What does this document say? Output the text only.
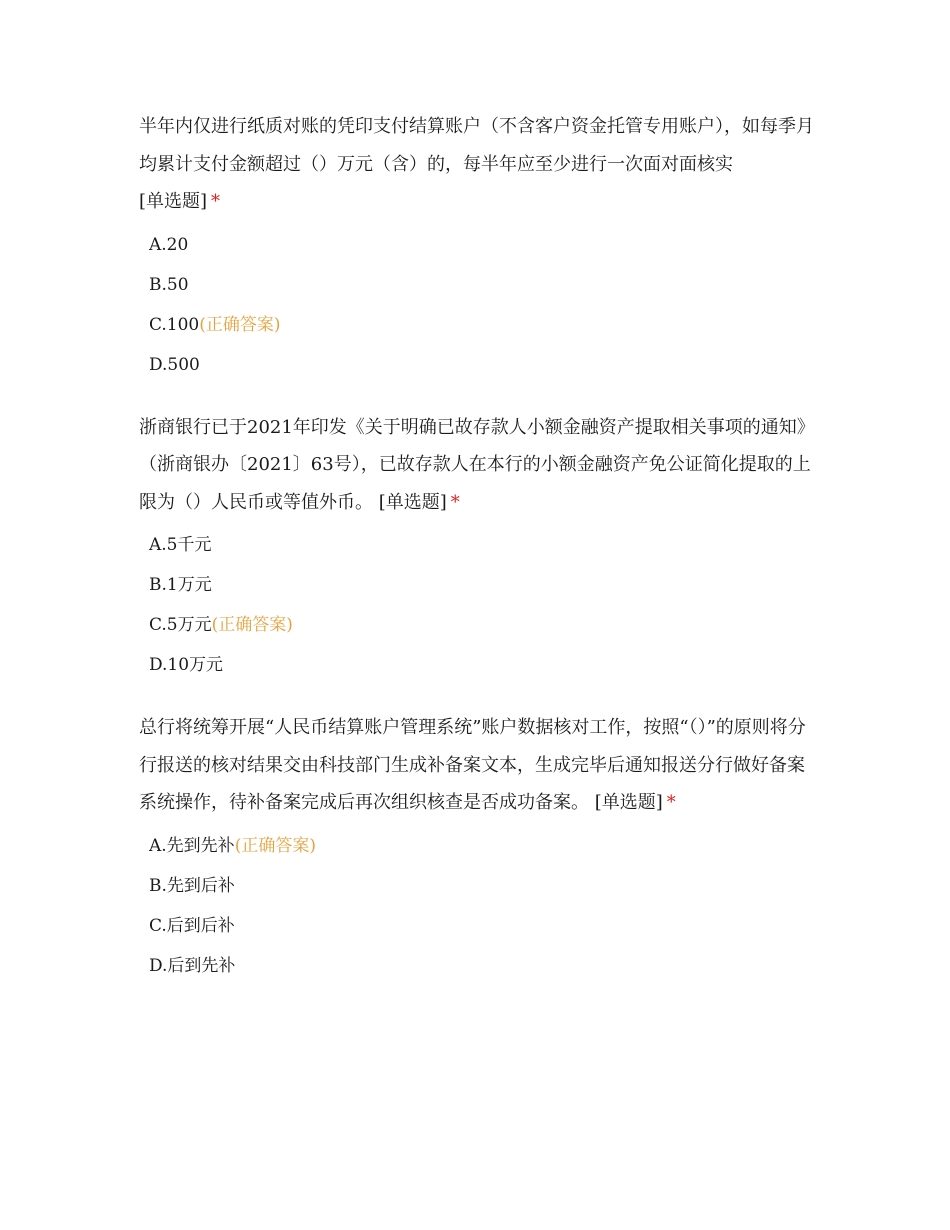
半年内仅进行纸质对账的凭印支付结算账户（不含客户资金托管专用账户），如每季月均累计支付金额超过（）万元（含）的，每半年应至少进行一次面对面核实
[单选题] *

A.20
B.50
C.100(正确答案)
D.500

浙商银行已于2021年印发《关于明确已故存款人小额金融资产提取相关事项的通知》（浙商银办〔2021〕63号），已故存款人在本行的小额金融资产免公证简化提取的上限为（）人民币或等值外币。 [单选题] *

A.5千元
B.1万元
C.5万元(正确答案)
D.10万元

总行将统筹开展“人民币结算账户管理系统”账户数据核对工作，按照“（）”的原则将分行报送的核对结果交由科技部门生成补备案文本，生成完毕后通知报送分行做好备案系统操作，待补备案完成后再次组织核查是否成功备案。 [单选题] *

A.先到先补(正确答案)
B.先到后补
C.后到后补
D.后到先补
